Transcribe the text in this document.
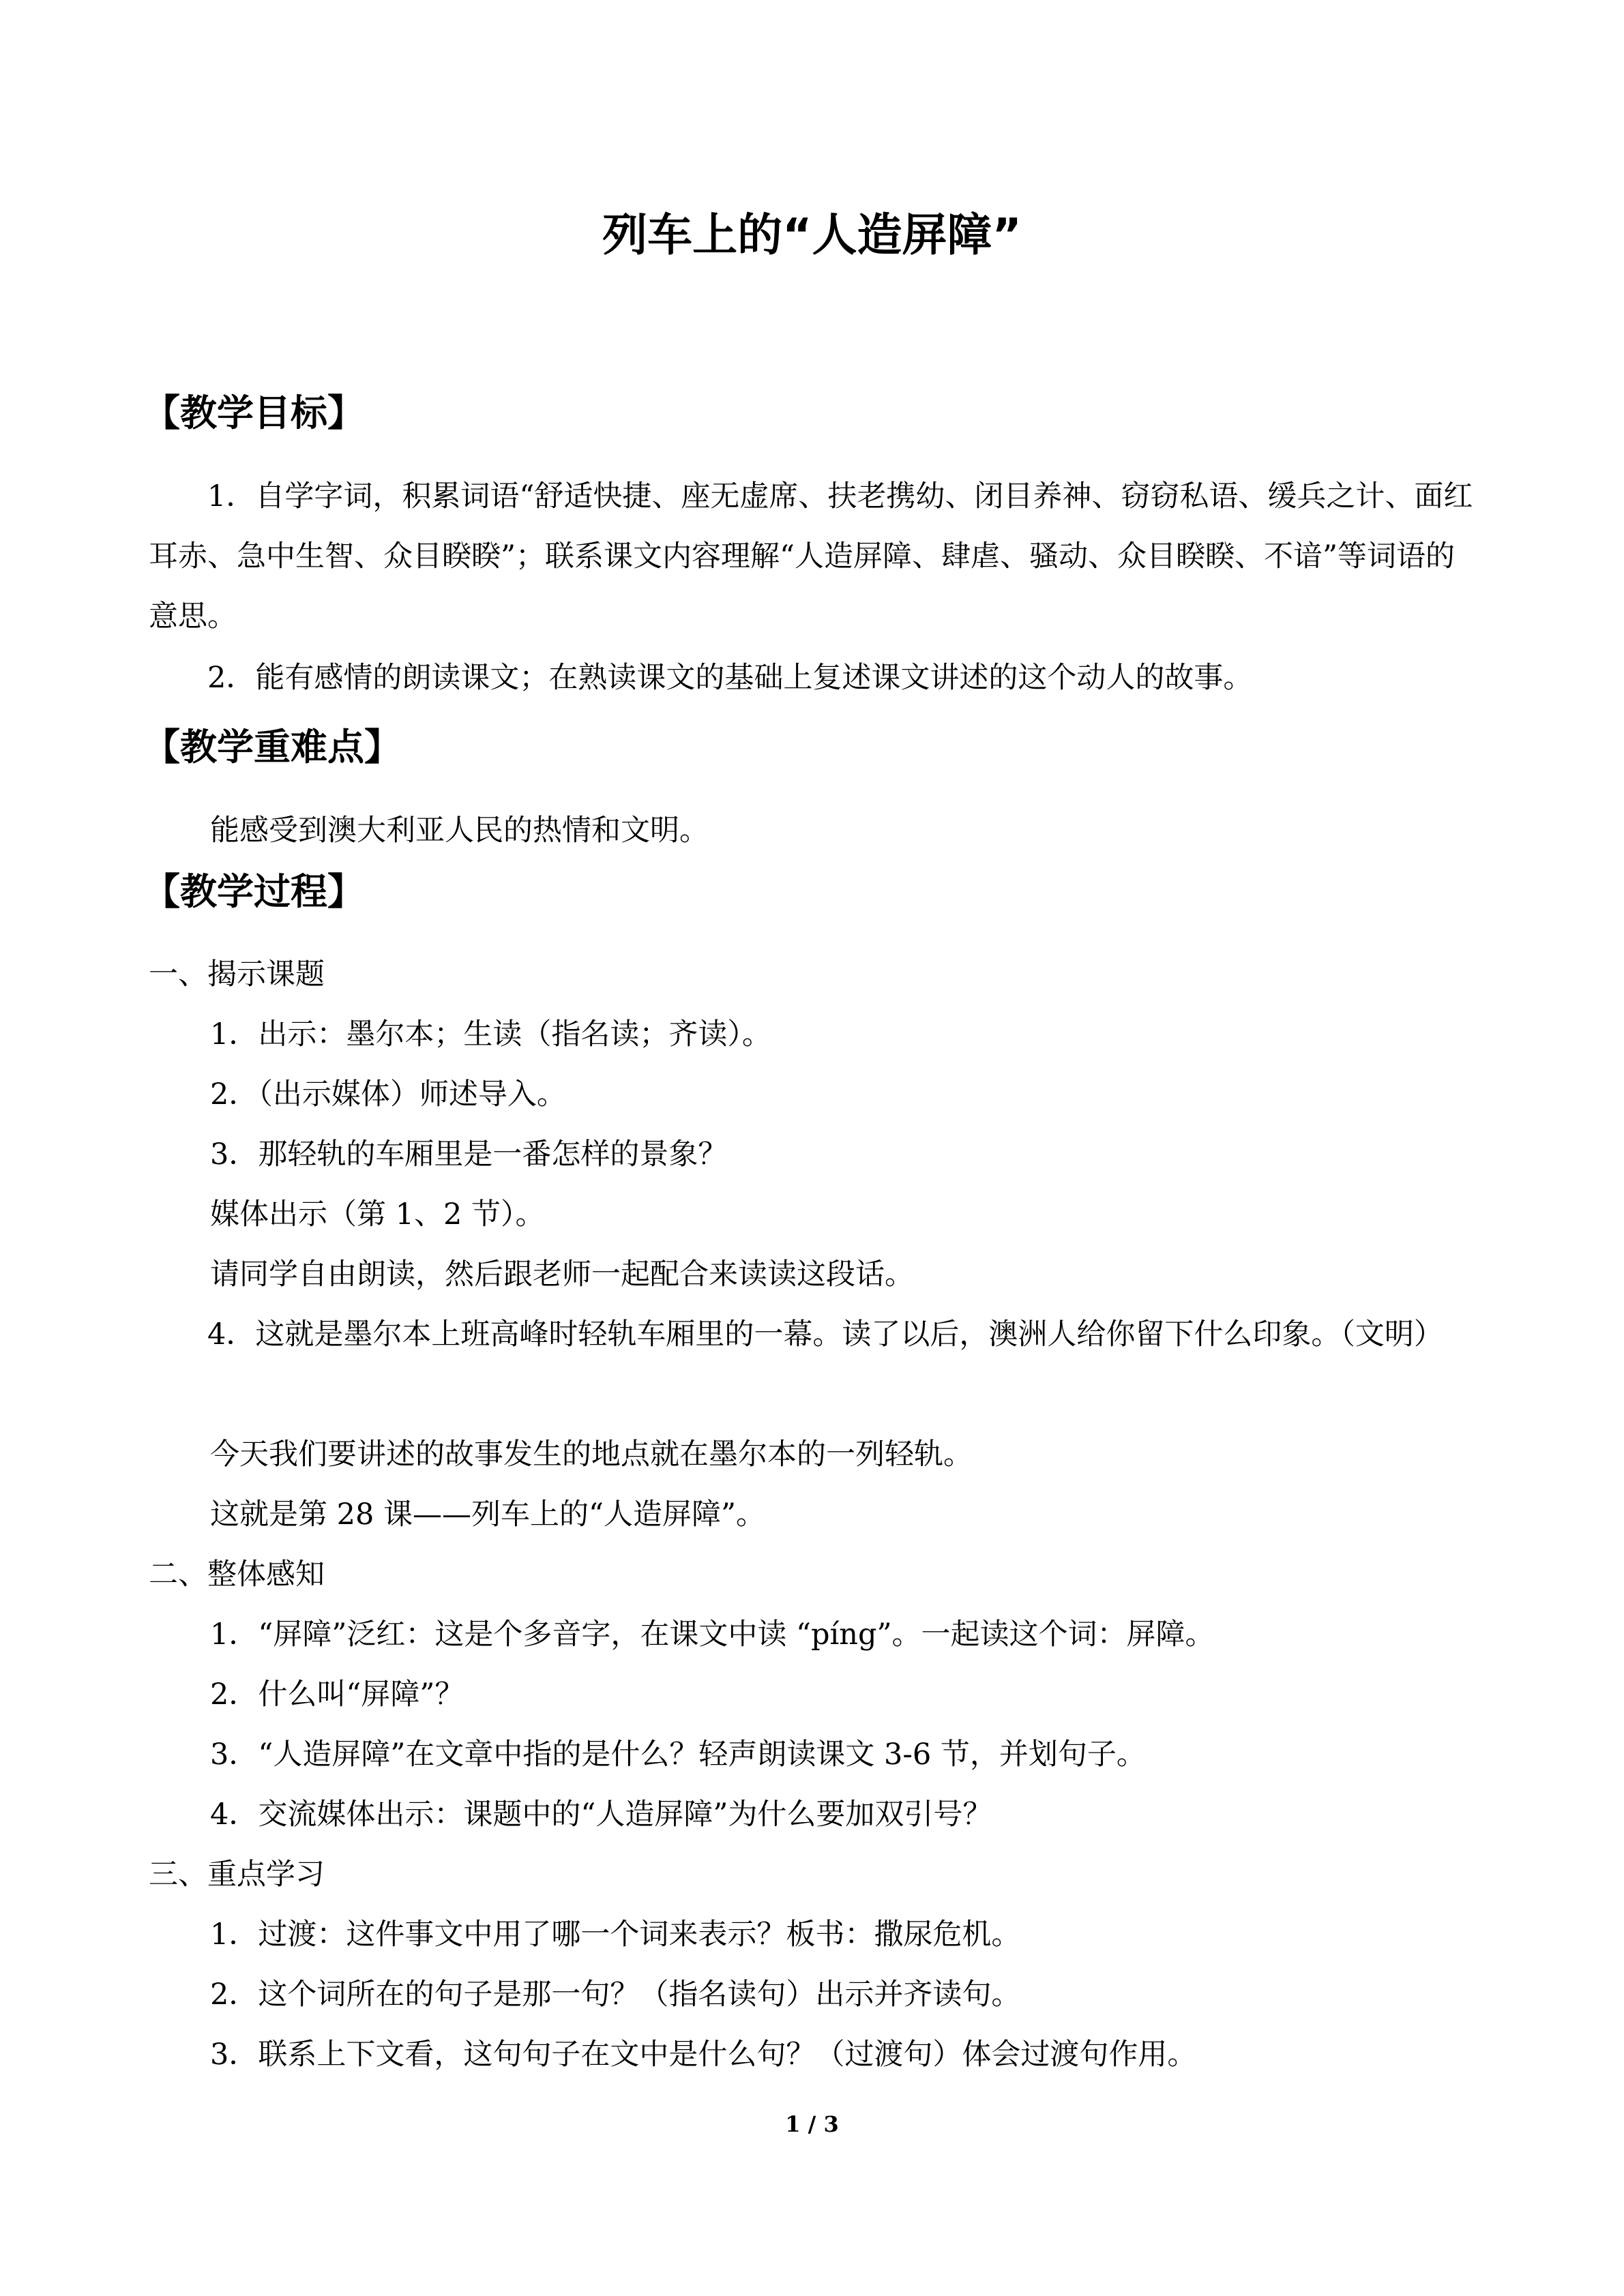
列车上的“人造屏障”
【教学目标】

1．自学字词，积累词语“舒适快捷、座无虚席、扶老携幼、闭目养神、窃窃私语、缓兵之计、面红耳赤、急中生智、众目睽睽”；联系课文内容理解“人造屏障、肆虐、骚动、众目睽睽、不谙”等词语的意思。

2．能有感情的朗读课文；在熟读课文的基础上复述课文讲述的这个动人的故事。

【教学重难点】

能感受到澳大利亚人民的热情和文明。

【教学过程】

一、揭示课题

1．出示：墨尔本；生读（指名读；齐读）。

2．（出示媒体）师述导入。

3．那轻轨的车厢里是一番怎样的景象？

媒体出示（第 1、2 节）。

请同学自由朗读，然后跟老师一起配合来读读这段话。

4．这就是墨尔本上班高峰时轻轨车厢里的一幕。读了以后，澳洲人给你留下什么印象。（文明）

今天我们要讲述的故事发生的地点就在墨尔本的一列轻轨。

这就是第 28 课——列车上的“人造屏障”。

二、整体感知

1．“屏障”泛红：这是个多音字，在课文中读 “píng”。一起读这个词：屏障。

2．什么叫“屏障”？

3．“人造屏障”在文章中指的是什么？轻声朗读课文 3-6 节，并划句子。

4．交流媒体出示：课题中的“人造屏障”为什么要加双引号？

三、重点学习

1．过渡：这件事文中用了哪一个词来表示？板书：撒尿危机。

2．这个词所在的句子是那一句？（指名读句）出示并齐读句。

3．联系上下文看，这句句子在文中是什么句？（过渡句）体会过渡句作用。

1 / 3
